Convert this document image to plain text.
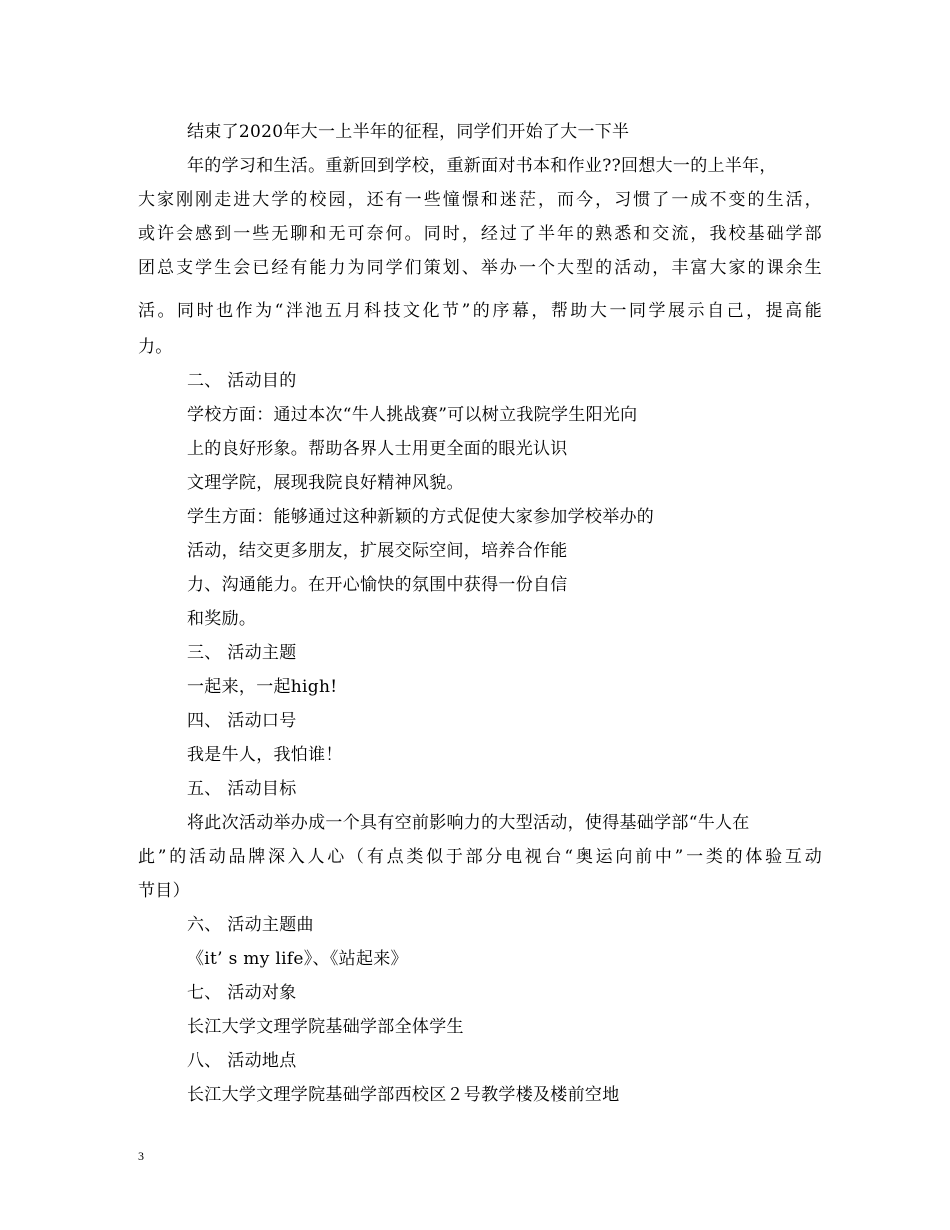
结束了2020年大一上半年的征程，同学们开始了大一下半
年的学习和生活。重新回到学校，重新面对书本和作业??回想大一的上半年，
大家刚刚走进大学的校园，还有一些憧憬和迷茫，而今，习惯了一成不变的生活，
或许会感到一些无聊和无可奈何。同时，经过了半年的熟悉和交流，我校基础学部
团总支学生会已经有能力为同学们策划、举办一个大型的活动，丰富大家的课余生
活。同时也作为“泮池五月科技文化节”的序幕，帮助大一同学展示自己，提高能
力。
二、 活动目的
学校方面：通过本次“牛人挑战赛”可以树立我院学生阳光向
上的良好形象。帮助各界人士用更全面的眼光认识
文理学院，展现我院良好精神风貌。
学生方面：能够通过这种新颖的方式促使大家参加学校举办的
活动，结交更多朋友，扩展交际空间，培养合作能
力、沟通能力。在开心愉快的氛围中获得一份自信
和奖励。
三、 活动主题
一起来，一起high!
四、 活动口号
我是牛人，我怕谁！
五、 活动目标
将此次活动举办成一个具有空前影响力的大型活动，使得基础学部“牛人在
此”的活动品牌深入人心（有点类似于部分电视台“奥运向前中”一类的体验互动
节目）
六、 活动主题曲
《it’ s my life》、《站起来》
七、 活动对象
长江大学文理学院基础学部全体学生
八、 活动地点
长江大学文理学院基础学部西校区２号教学楼及楼前空地
3
